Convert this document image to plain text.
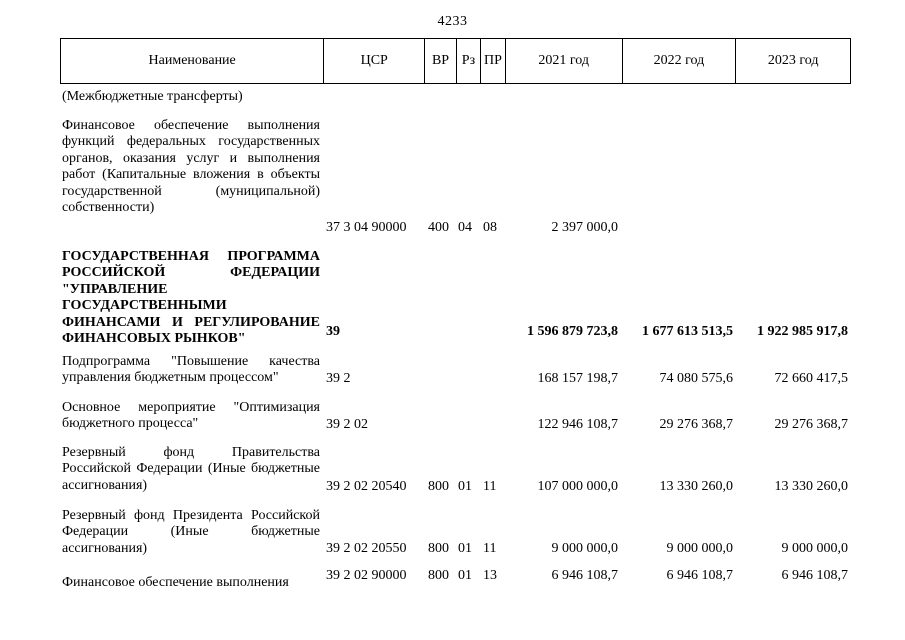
4233
Наименование	ЦСР	ВР Рз ПР	2021 год	2022 год	2023 год
(Межбюджетные трансферты)
Финансовое обеспечение выполнения функций федеральных государственных органов, оказания услуг и выполнения работ (Капитальные вложения в объекты государственной (муниципальной) собственности)
37 3 04 90000 400 04 08	2 397 000,0
ГОСУДАРСТВЕННАЯ ПРОГРАММА РОССИЙСКОЙ ФЕДЕРАЦИИ "УПРАВЛЕНИЕ ГОСУДАРСТВЕННЫМИ ФИНАНСАМИ И РЕГУЛИРОВАНИЕ ФИНАНСОВЫХ РЫНКОВ"	39	1 596 879 723,8	1 677 613 513,5	1 922 985 917,8
Подпрограмма "Повышение качества управления бюджетным процессом"	39 2	168 157 198,7	74 080 575,6	72 660 417,5
Основное мероприятие "Оптимизация бюджетного процесса"	39 2 02	122 946 108,7	29 276 368,7	29 276 368,7
Резервный фонд Правительства Российской Федерации (Иные бюджетные ассигнования)	39 2 02 20540 800 01 11	107 000 000,0	13 330 260,0	13 330 260,0
Резервный фонд Президента Российской Федерации (Иные бюджетные ассигнования)	39 2 02 20550 800 01 11	9 000 000,0	9 000 000,0	9 000 000,0
Финансовое обеспечение выполнения	39 2 02 90000 800 01 13	6 946 108,7	6 946 108,7	6 946 108,7
